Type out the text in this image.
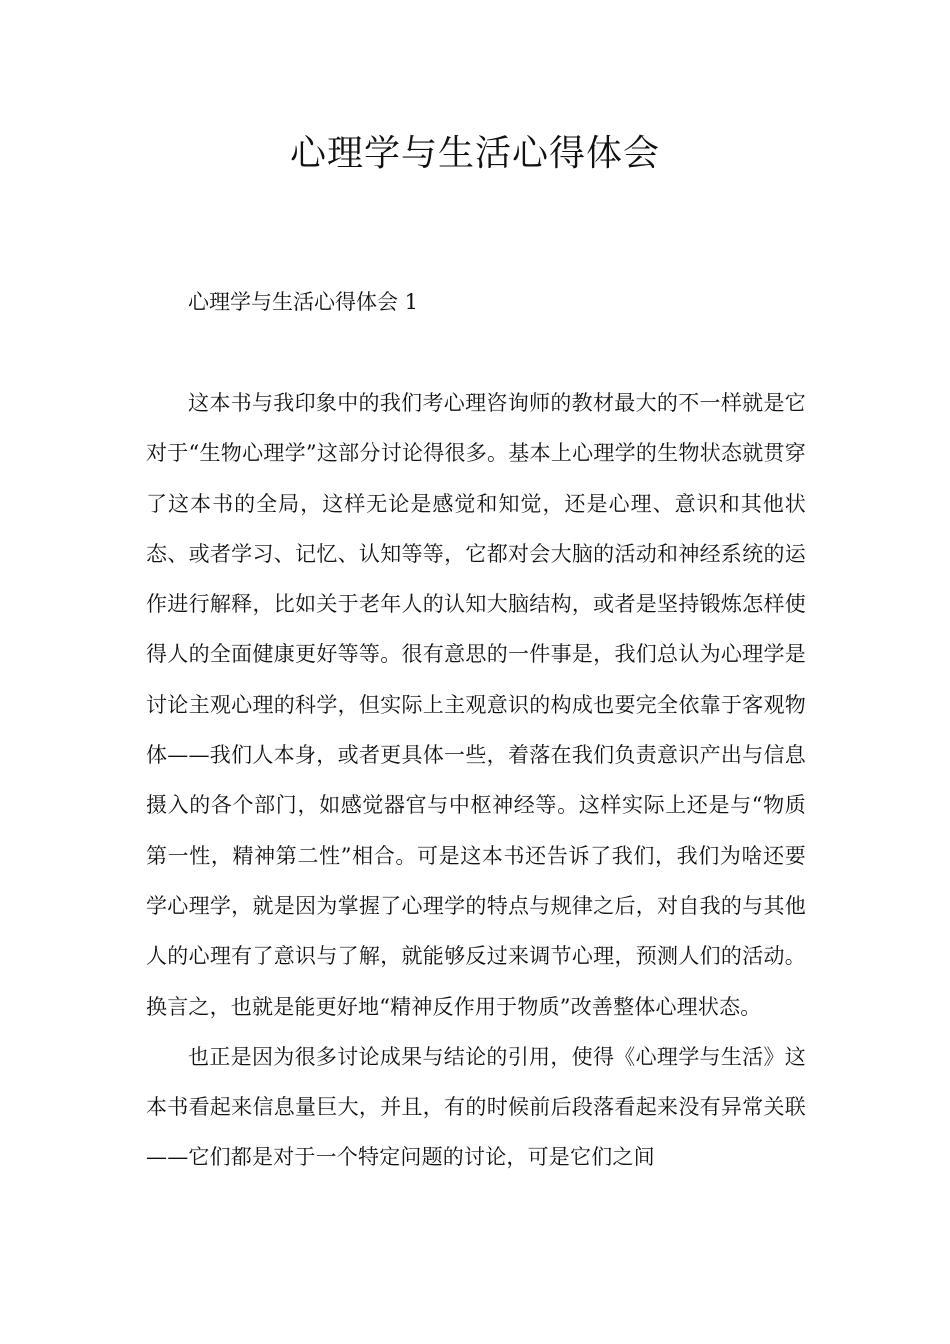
心理学与生活心得体会
心理学与生活心得体会 1

这本书与我印象中的我们考心理咨询师的教材最大的不一样就是它对于“生物心理学”这部分讨论得很多。基本上心理学的生物状态就贯穿了这本书的全局，这样无论是感觉和知觉，还是心理、意识和其他状态、或者学习、记忆、认知等等，它都对会大脑的活动和神经系统的运作进行解释，比如关于老年人的认知大脑结构，或者是坚持锻炼怎样使得人的全面健康更好等等。很有意思的一件事是，我们总认为心理学是讨论主观心理的科学，但实际上主观意识的构成也要完全依靠于客观物体——我们人本身，或者更具体一些，着落在我们负责意识产出与信息摄入的各个部门，如感觉器官与中枢神经等。这样实际上还是与“物质第一性，精神第二性”相合。可是这本书还告诉了我们，我们为啥还要学心理学，就是因为掌握了心理学的特点与规律之后，对自我的与其他人的心理有了意识与了解，就能够反过来调节心理，预测人们的活动。换言之，也就是能更好地“精神反作用于物质”改善整体心理状态。

也正是因为很多讨论成果与结论的引用，使得《心理学与生活》这本书看起来信息量巨大，并且，有的时候前后段落看起来没有异常关联——它们都是对于一个特定问题的讨论，可是它们之间
